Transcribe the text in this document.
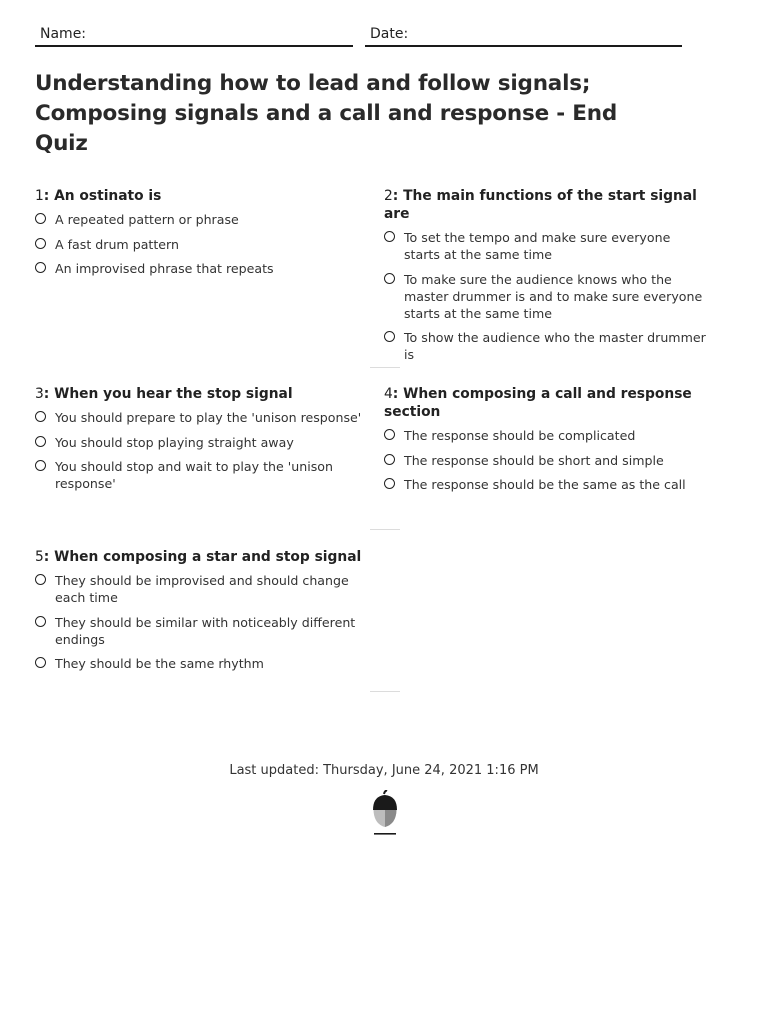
Name:	Date:
Understanding how to lead and follow signals; Composing signals and a call and response - End Quiz
1: An ostinato is
A repeated pattern or phrase
A fast drum pattern
An improvised phrase that repeats
2: The main functions of the start signal are
To set the tempo and make sure everyone starts at the same time
To make sure the audience knows who the master drummer is and to make sure everyone starts at the same time
To show the audience who the master drummer is
3: When you hear the stop signal
You should prepare to play the 'unison response'
You should stop playing straight away
You should stop and wait to play the 'unison response'
4: When composing a call and response section
The response should be complicated
The response should be short and simple
The response should be the same as the call
5: When composing a star and stop signal
They should be improvised and should change each time
They should be similar with noticeably different endings
They should be the same rhythm
Last updated: Thursday, June 24, 2021 1:16 PM
